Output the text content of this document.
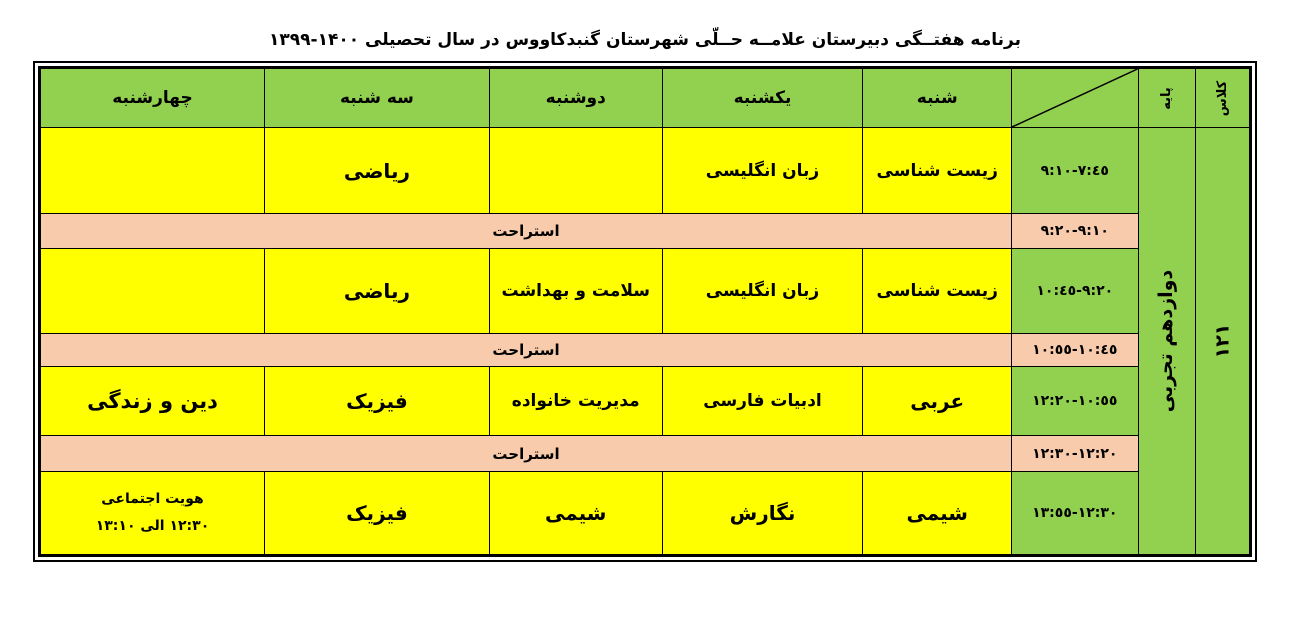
برنامه هفتــگی دبیرستان علامــه حــلّی شهرستان گنبدکاووس در سال تحصیلی ۱۴۰۰-۱۳۹۹
کلاس	پایه		شنبه	یکشنبه	دوشنبه	سه شنبه	چهارشنبه

١٢١	دوازدهم تجربی	٧:٤٥-٩:١٠	زیست شناسی	زبان انگلیسی		ریاضی	
		٩:١٠-٩:٢٠	استراحت				
		٩:٢٠-١٠:٤٥	زیست شناسی	زبان انگلیسی	سلامت و بهداشت	ریاضی	
		١٠:٤٥-١٠:٥٥	استراحت				
		١٠:٥٥-١٢:٢٠	عربی	ادبیات فارسی	مدیریت خانواده	فیزیک	دین و زندگی
		١٢:٢٠-١٢:٣٠	استراحت				
		١٢:٣٠-١٣:٥٥	شیمی	نگارش	شیمی	فیزیک	هویت اجتماعی
١٢:٣٠ الی ١٣:١٠
